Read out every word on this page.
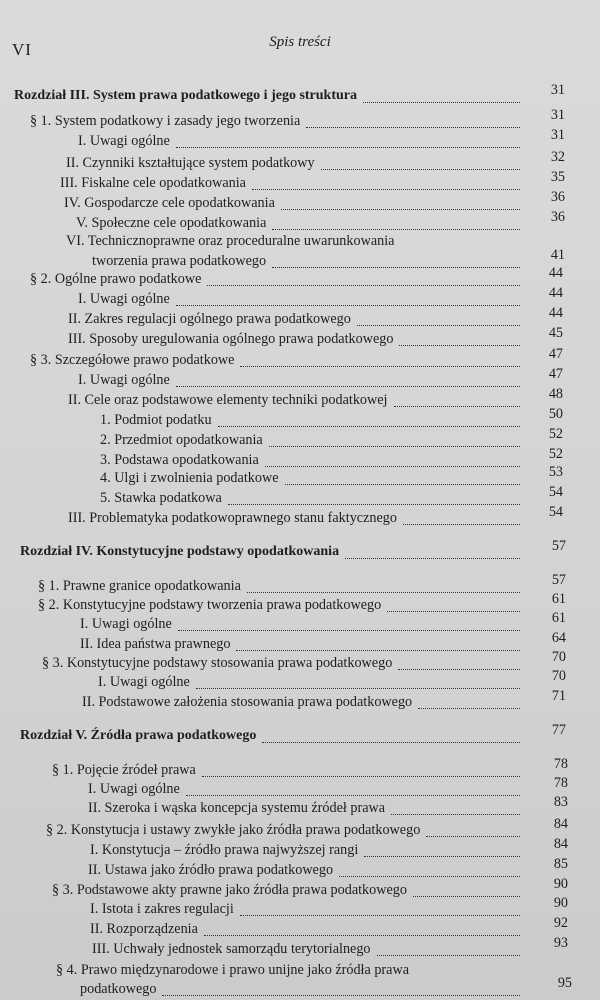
VI	Spis treści
Rozdział III. System prawa podatkowego i jego struktura	31
§ 1. System podatkowy i zasady jego tworzenia	31
I. Uwagi ogólne	31
II. Czynniki kształtujące system podatkowy	32
III. Fiskalne cele opodatkowania	35
IV. Gospodarcze cele opodatkowania	36
V. Społeczne cele opodatkowania	36
VI. Technicznoprawne oraz proceduralne uwarunkowania
tworzenia prawa podatkowego	41
§ 2. Ogólne prawo podatkowe	44
I. Uwagi ogólne	44
II. Zakres regulacji ogólnego prawa podatkowego	44
III. Sposoby uregulowania ogólnego prawa podatkowego	45
§ 3. Szczegółowe prawo podatkowe	47
I. Uwagi ogólne	47
II. Cele oraz podstawowe elementy techniki podatkowej	48
1. Podmiot podatku	50
2. Przedmiot opodatkowania	52
3. Podstawa opodatkowania	52
4. Ulgi i zwolnienia podatkowe	53
5. Stawka podatkowa	54
III. Problematyka podatkowoprawnego stanu faktycznego	54
Rozdział IV. Konstytucyjne podstawy opodatkowania	57
§ 1. Prawne granice opodatkowania	57
§ 2. Konstytucyjne podstawy tworzenia prawa podatkowego	61
I. Uwagi ogólne	61
II. Idea państwa prawnego	64
§ 3. Konstytucyjne podstawy stosowania prawa podatkowego	70
I. Uwagi ogólne	70
II. Podstawowe założenia stosowania prawa podatkowego	71
Rozdział V. Źródła prawa podatkowego	77
§ 1. Pojęcie źródeł prawa	78
I. Uwagi ogólne	78
II. Szeroka i wąska koncepcja systemu źródeł prawa	83
§ 2. Konstytucja i ustawy zwykłe jako źródła prawa podatkowego	84
I. Konstytucja – źródło prawa najwyższej rangi	84
II. Ustawa jako źródło prawa podatkowego	85
§ 3. Podstawowe akty prawne jako źródła prawa podatkowego	90
I. Istota i zakres regulacji	90
II. Rozporządzenia	92
III. Uchwały jednostek samorządu terytorialnego	93
§ 4. Prawo międzynarodowe i prawo unijne jako źródła prawa
podatkowego	95
